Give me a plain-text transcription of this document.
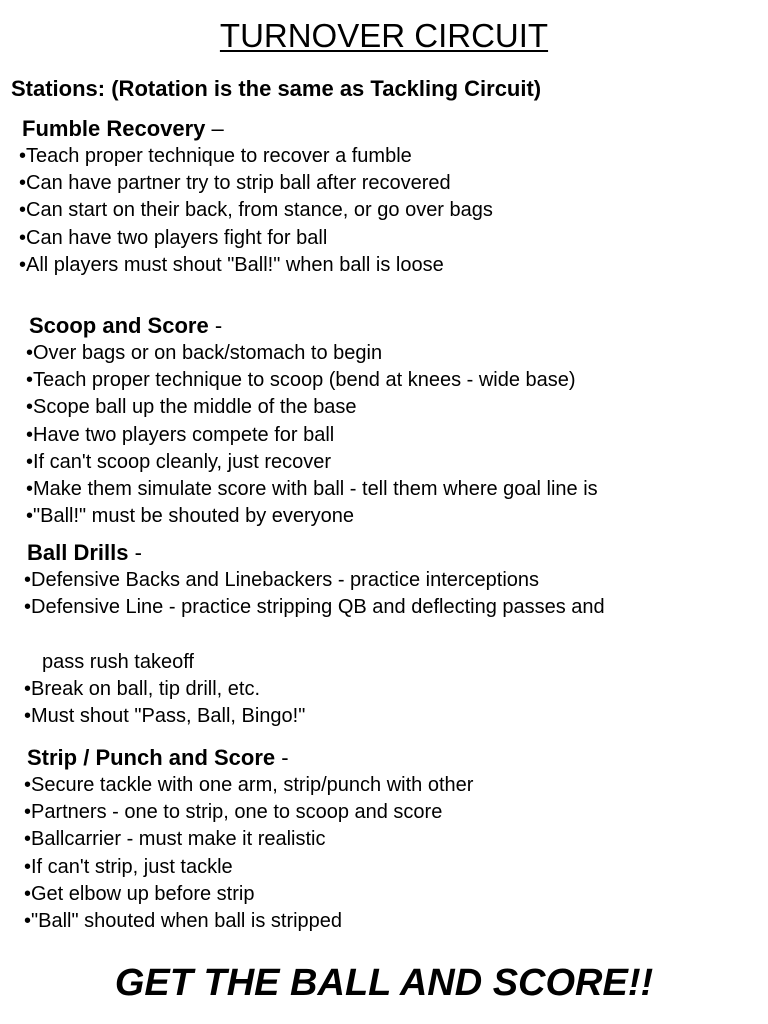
TURNOVER CIRCUIT
Stations: (Rotation is the same as Tackling Circuit)
Fumble Recovery –
•Teach proper technique to recover a fumble
•Can have partner try to strip ball after recovered
•Can start on their back, from stance, or go over bags
•Can have two players fight for ball
•All players must shout "Ball!" when ball is loose
Scoop and Score -
•Over bags or on back/stomach to begin
•Teach proper technique to scoop (bend at knees - wide base)
•Scope ball up the middle of the base
•Have two players compete for ball
•If can't scoop cleanly, just recover
•Make them simulate score with ball - tell them where goal line is
•"Ball!" must be shouted by everyone
Ball Drills -
•Defensive Backs and Linebackers - practice interceptions
•Defensive Line - practice stripping QB and deflecting passes and
pass rush takeoff
•Break on ball, tip drill, etc.
•Must shout "Pass, Ball, Bingo!"
Strip / Punch and Score -
•Secure tackle with one arm, strip/punch with other
•Partners - one to strip, one to scoop and score
•Ballcarrier - must make it realistic
•If can't strip, just tackle
•Get elbow up before strip
•"Ball" shouted when ball is stripped
GET THE BALL AND SCORE!!
